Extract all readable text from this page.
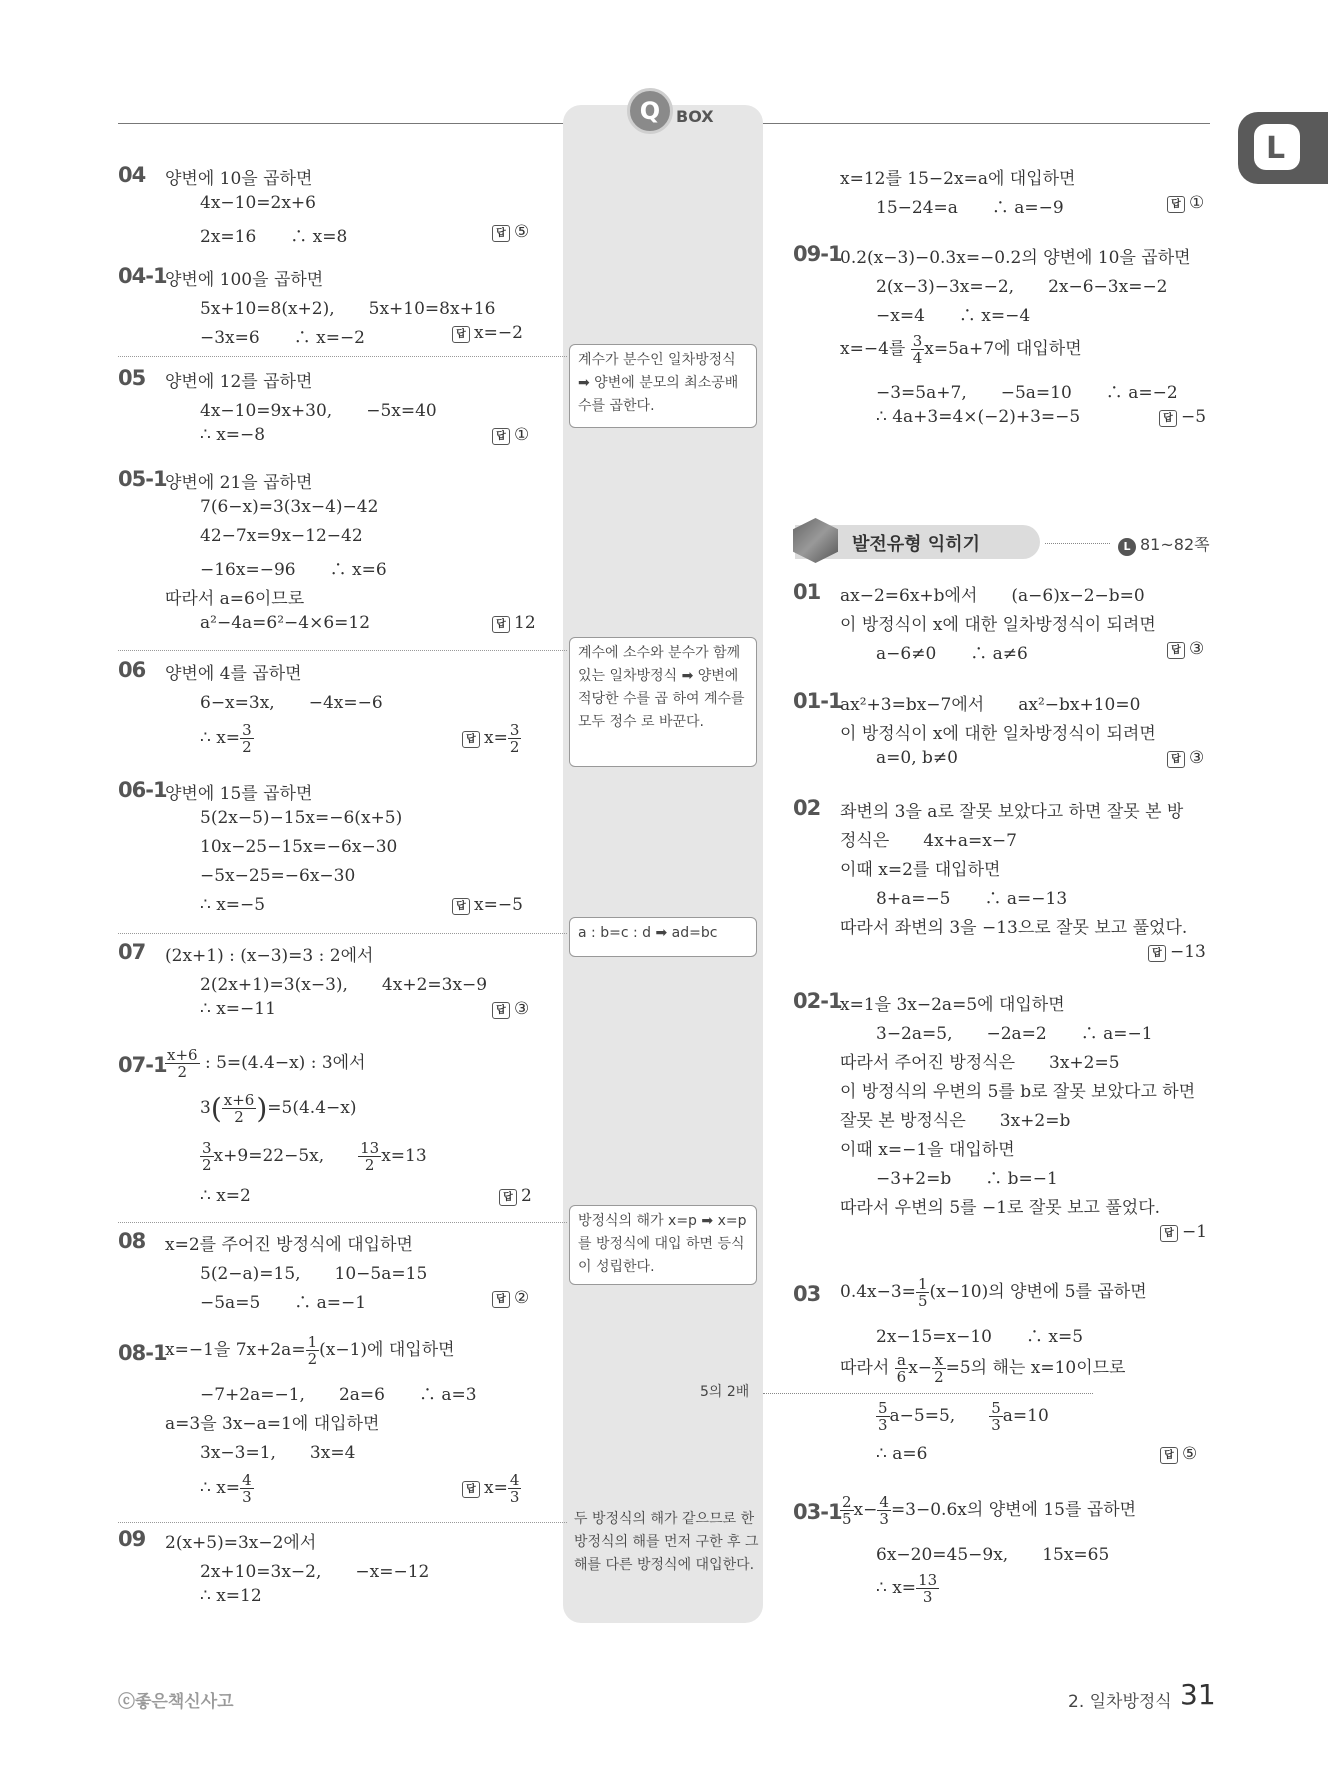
Q BOX
L
04 양변에 10을 곱하면
4x−10=2x+6
2x=16　　∴ x=8	답 ⑤
04-1
양변에 100을 곱하면
5x+10=8(x+2),　　5x+10=8x+16
−3x=6　　∴ x=−2	답 x=−2
05 양변에 12를 곱하면
4x−10=9x+30,　　−5x=40
∴ x=−8	답 ①
05-1
양변에 21을 곱하면
7(6−x)=3(3x−4)−42
42−7x=9x−12−42
−16x=−96　　∴ x=6
따라서 a=6이므로
a²−4a=6²−4×6=12	답 12
06 양변에 4를 곱하면
6−x=3x,　　−4x=−6
∴ $x= \frac{3}{2}$	답 $x= \frac{3}{2}$
06-1
양변에 15를 곱하면
5(2x−5)−15x=−6(x+5)
10x−25−15x=−6x−30
−5x−25=−6x−30
∴ x=−5	답 x=−5
07 (2x+1) : (x−3)=3 : 2에서
2(2x+1)=3(x−3),　　4x+2=3x−9
∴ x=−11	답 ③
07-1
$\frac{x+6}{2}$ : 5=(4.4−x) : 3에서
$3( \frac{x+6}{2} )=5(4.4-x)$
$\frac{3}{2} x+9=22-5x$,　　 $\frac{13}{2} x=13$
∴ x=2	답 2
08 x=2를 주어진 방정식에 대입하면
5(2−a)=15,　　10−5a=15
−5a=5　　∴ a=−1	답 ②
08-1
x=−1을 $7x+2a= \frac{1}{2} (x-1)$에 대입하면
−7+2a=−1,　　2a=6　　∴ a=3
a=3을 3x−a=1에 대입하면
3x−3=1,　　3x=4
∴ $x= \frac{4}{3}$	답 $x= \frac{4}{3}$
09 2(x+5)=3x−2에서
2x+10=3x−2,　　−x=−12
∴ x=12
계수가 분수인 일차방정식 ➡ 양변에 분모의 최소공배 수를 곱한다.
계수에 소수와 분수가 함께 있는 일차방정식 ➡ 양변에 적당한 수를 곱 하여 계수를 모두 정수 로 바꾼다.
a : b=c : d ➡ ad=bc
방정식의 해가 x=p ➡ x=p를 방정식에 대입 하면 등식이 성립한다.
5의 2배
두 방정식의 해가 같으므로 한 방정식의 해를 먼저 구한 후 그 해를 다른 방정식에 대입한다.
x=12를 15−2x=a에 대입하면
15−24=a　　∴ a=−9	답 ①
09-1
0.2(x−3)−0.3x=−0.2의 양변에 10을 곱하면
2(x−3)−3x=−2,　　2x−6−3x=−2
−x=4　　∴ x=−4
x=−4를 $\frac{3}{4} x=5a+7$에 대입하면
−3=5a+7,　　−5a=10　　∴ a=−2
∴ 4a+3=4×(−2)+3=−5	답 −5
발전유형 익히기	L 81~82쪽
01 ax−2=6x+b에서　　(a−6)x−2−b=0
이 방정식이 x에 대한 일차방정식이 되려면
a−6≠0　　∴ a≠6	답 ③
01-1
ax²+3=bx−7에서　　ax²−bx+10=0
이 방정식이 x에 대한 일차방정식이 되려면
a=0, b≠0	답 ③
02 좌변의 3을 a로 잘못 보았다고 하면 잘못 본 방
정식은　　4x+a=x−7
이때 x=2를 대입하면
8+a=−5　　∴ a=−13
따라서 좌변의 3을 −13으로 잘못 보고 풀었다.
답 −13
02-1
x=1을 3x−2a=5에 대입하면
3−2a=5,　　−2a=2　　∴ a=−1
따라서 주어진 방정식은　　3x+2=5
이 방정식의 우변의 5를 b로 잘못 보았다고 하면
잘못 본 방정식은　　3x+2=b
이때 x=−1을 대입하면
−3+2=b　　∴ b=−1
따라서 우변의 5를 −1로 잘못 보고 풀었다.
답 −1
03 $0.4x-3= \frac{1}{5} (x-10)$의 양변에 5를 곱하면
2x−15=x−10　　∴ x=5
따라서 $\frac{a}{6} x- \frac{x}{2} =5$의 해는 x=10이므로
$\frac{5}{3} a-5=5$,　　 $\frac{5}{3} a=10$
∴ a=6	답 ⑤
03-1
$\frac{2}{5} x- \frac{4}{3} =3-0.6x$의 양변에 15를 곱하면
6x−20=45−9x,　　15x=65
∴ $x= \frac{13}{3}$
ⓒ좋은책신사고	2. 일차방정식 31
